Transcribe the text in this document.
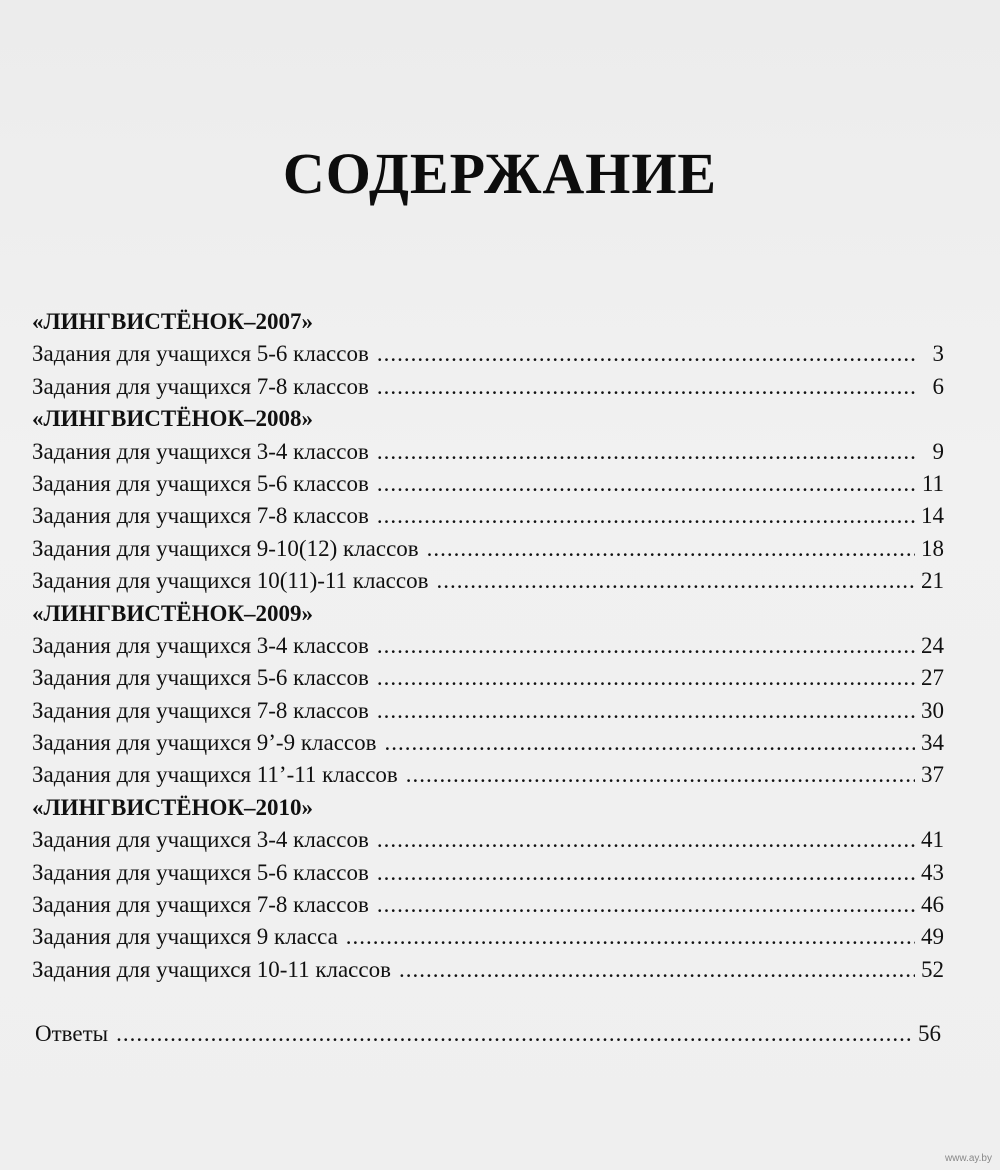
СОДЕРЖАНИЕ
«ЛИНГВИСТЁНОК–2007»
Задания для учащихся 5-6 классов .....	3
Задания для учащихся 7-8 классов .....	6
«ЛИНГВИСТЁНОК–2008»
Задания для учащихся 3-4 классов .....	9
Задания для учащихся 5-6 классов .....	11
Задания для учащихся 7-8 классов .....	14
Задания для учащихся 9-10(12) классов .....	18
Задания для учащихся 10(11)-11 классов .....	21
«ЛИНГВИСТЁНОК–2009»
Задания для учащихся 3-4 классов .....	24
Задания для учащихся 5-6 классов .....	27
Задания для учащихся 7-8 классов .....	30
Задания для учащихся 9’-9 классов .....	34
Задания для учащихся 11’-11 классов .....	37
«ЛИНГВИСТЁНОК–2010»
Задания для учащихся 3-4 классов .....	41
Задания для учащихся 5-6 классов .....	43
Задания для учащихся 7-8 классов .....	46
Задания для учащихся 9 класса .....	49
Задания для учащихся 10-11 классов .....	52
Ответы .....	56
www.ay.by
